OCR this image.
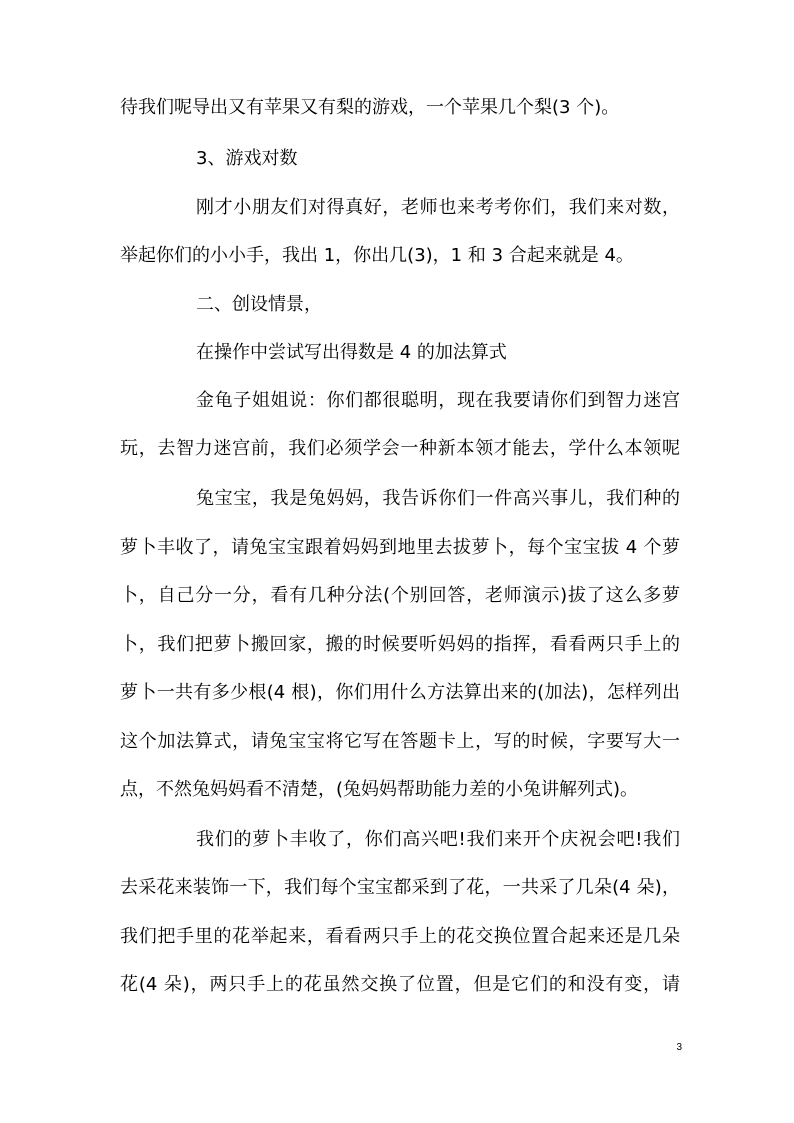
待我们呢导出又有苹果又有梨的游戏，一个苹果几个梨(3 个)。
3、游戏对数
刚才小朋友们对得真好，老师也来考考你们，我们来对数，
举起你们的小小手，我出 1，你出几(3)，1 和 3 合起来就是 4。
二、创设情景，
在操作中尝试写出得数是 4 的加法算式
金龟子姐姐说：你们都很聪明，现在我要请你们到智力迷宫
玩，去智力迷宫前，我们必须学会一种新本领才能去，学什么本领呢
兔宝宝，我是兔妈妈，我告诉你们一件高兴事儿，我们种的
萝卜丰收了，请兔宝宝跟着妈妈到地里去拔萝卜，每个宝宝拔 4 个萝
卜，自己分一分，看有几种分法(个别回答，老师演示)拔了这么多萝
卜，我们把萝卜搬回家，搬的时候要听妈妈的指挥，看看两只手上的
萝卜一共有多少根(4 根)，你们用什么方法算出来的(加法)，怎样列出
这个加法算式，请兔宝宝将它写在答题卡上，写的时候，字要写大一
点，不然兔妈妈看不清楚，(兔妈妈帮助能力差的小兔讲解列式)。
我们的萝卜丰收了，你们高兴吧!我们来开个庆祝会吧!我们
去采花来装饰一下，我们每个宝宝都采到了花，一共采了几朵(4 朵)，
我们把手里的花举起来，看看两只手上的花交换位置合起来还是几朵
花(4 朵)，两只手上的花虽然交换了位置，但是它们的和没有变，请
3
